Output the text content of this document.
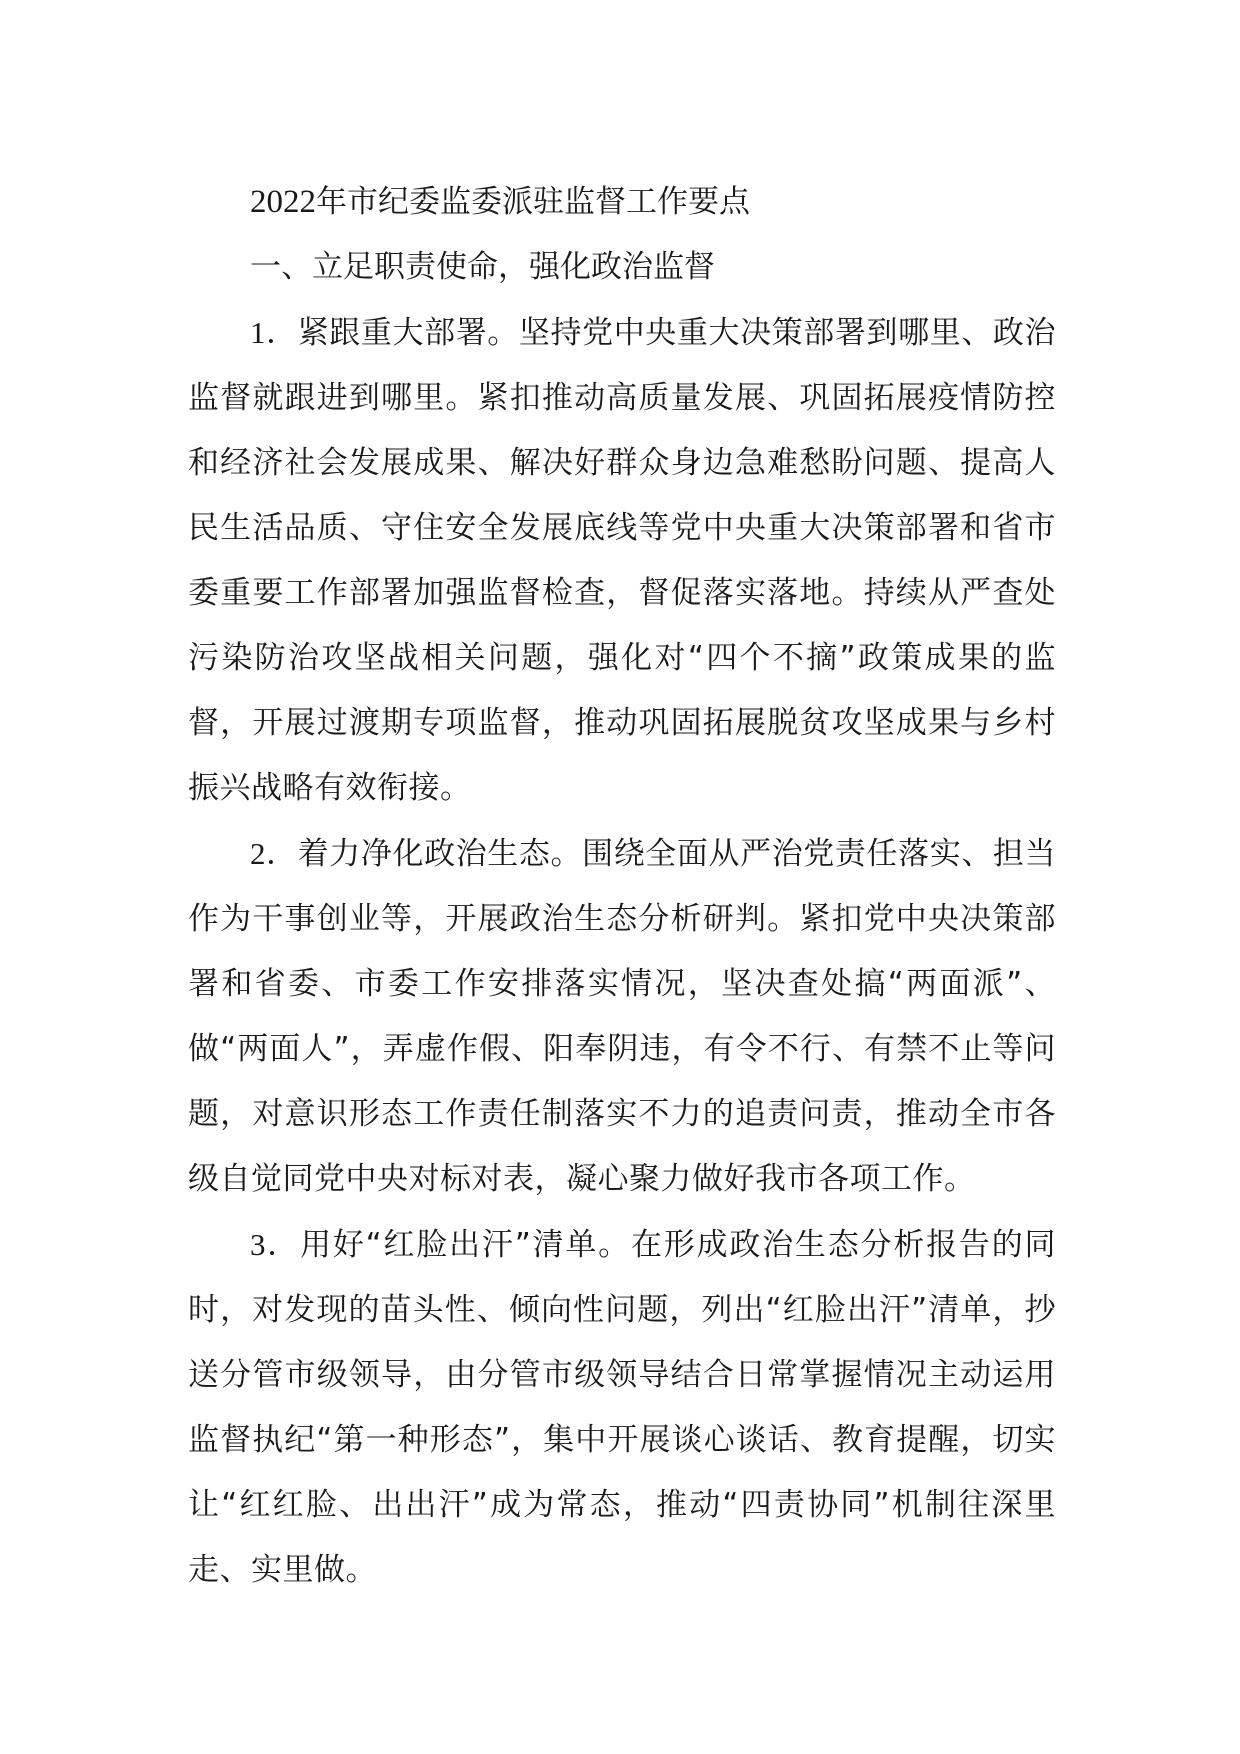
2022年市纪委监委派驻监督工作要点
一、立足职责使命，强化政治监督

1．紧跟重大部署。坚持党中央重大决策部署到哪里、政治监督就跟进到哪里。紧扣推动高质量发展、巩固拓展疫情防控和经济社会发展成果、解决好群众身边急难愁盼问题、提高人民生活品质、守住安全发展底线等党中央重大决策部署和省市委重要工作部署加强监督检查，督促落实落地。持续从严查处污染防治攻坚战相关问题，强化对“四个不摘”政策成果的监督，开展过渡期专项监督，推动巩固拓展脱贫攻坚成果与乡村振兴战略有效衔接。

2．着力净化政治生态。围绕全面从严治党责任落实、担当作为干事创业等，开展政治生态分析研判。紧扣党中央决策部署和省委、市委工作安排落实情况，坚决查处搞“两面派”、做“两面人”，弄虚作假、阳奉阴违，有令不行、有禁不止等问题，对意识形态工作责任制落实不力的追责问责，推动全市各级自觉同党中央对标对表，凝心聚力做好我市各项工作。

3．用好“红脸出汗”清单。在形成政治生态分析报告的同时，对发现的苗头性、倾向性问题，列出“红脸出汗”清单，抄送分管市级领导，由分管市级领导结合日常掌握情况主动运用监督执纪“第一种形态”，集中开展谈心谈话、教育提醒，切实让“红红脸、出出汗”成为常态，推动“四责协同”机制往深里走、实里做。
